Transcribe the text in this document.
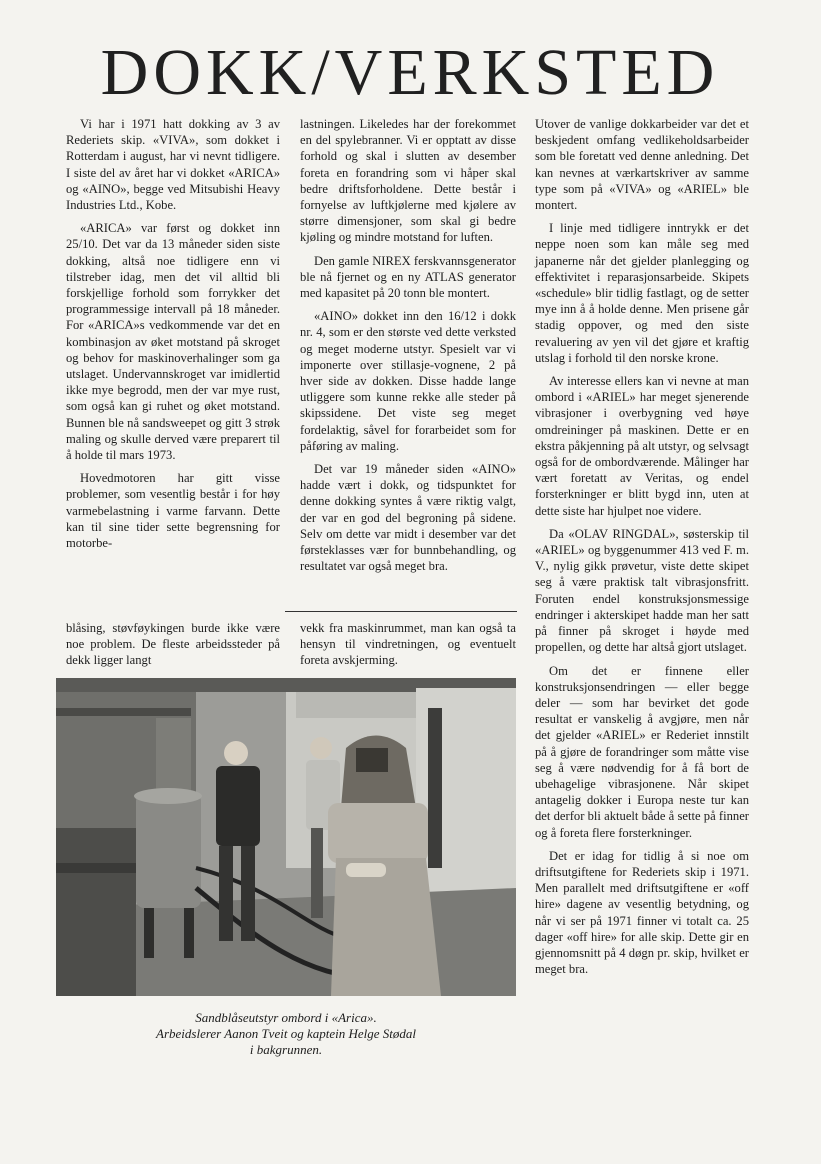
DOKK/VERKSTED

Vi har i 1971 hatt dokking av 3 av Rederiets skip. «VIVA», som dokket i Rotterdam i august, har vi nevnt tidligere. I siste del av året har vi dokket «ARICA» og «AINO», begge ved Mitsubishi Heavy Industries Ltd., Kobe.

«ARICA» var først og dokket inn 25/10. Det var da 13 måneder siden siste dokking, altså noe tidligere enn vi tilstreber idag, men det vil alltid bli forskjellige forhold som forrykker det programmessige intervall på 18 måneder. For «ARICA»s vedkommende var det en kombinasjon av øket motstand på skroget og behov for maskinoverhalinger som ga utslaget. Undervannskroget var imidlertid ikke mye begrodd, men der var mye rust, som også kan gi ruhet og øket motstand. Bunnen ble nå sandsweepet og gitt 3 strøk maling og skulle derved være preparert til å holde til mars 1973.

Hovedmotoren har gitt visse problemer, som vesentlig består i for høy varmebelastning i varme farvann. Dette kan til sine tider sette begrensning for motorbe-

lastningen. Likeledes har der forekommet en del spylebranner. Vi er opptatt av disse forhold og skal i slutten av desember foreta en forandring som vi håper skal bedre driftsforholdene. Dette består i fornyelse av luftkjølerne med kjølere av større dimensjoner, som skal gi bedre kjøling og mindre motstand for luften.

Den gamle NIREX ferskvannsgenerator ble nå fjernet og en ny ATLAS generator med kapasitet på 20 tonn ble montert.

«AINO» dokket inn den 16/12 i dokk nr. 4, som er den største ved dette verksted og meget moderne utstyr. Spesielt var vi imponerte over stillasje-vognene, 2 på hver side av dokken. Disse hadde lange utliggere som kunne rekke alle steder på skipssidene. Det viste seg meget fordelaktig, såvel for forarbeidet som for påføring av maling.

Det var 19 måneder siden «AINO» hadde vært i dokk, og tidspunktet for denne dokking syntes å være riktig valgt, der var en god del begroning på sidene. Selv om dette var midt i desember var det førsteklasses vær for bunnbehandling, og resultatet var også meget bra.

blåsing, støvføykingen burde ikke være noe problem. De fleste arbeidssteder på dekk ligger langt

vekk fra maskinrummet, man kan også ta hensyn til vindretningen, og eventuelt foreta avskjerming.

Utover de vanlige dokkarbeider var det et beskjedent omfang vedlikeholdsarbeider som ble foretatt ved denne anledning. Det kan nevnes at værkartskriver av samme type som på «VIVA» og «ARIEL» ble montert.

I linje med tidligere inntrykk er det neppe noen som kan måle seg med japanerne når det gjelder planlegging og effektivitet i reparasjonsarbeide. Skipets «schedule» blir tidlig fastlagt, og de setter mye inn å å holde denne. Men prisene går stadig oppover, og med den siste revaluering av yen vil det gjøre et kraftig utslag i forhold til den norske krone.

Av interesse ellers kan vi nevne at man ombord i «ARIEL» har meget sjenerende vibrasjoner i overbygning ved høye omdreininger på maskinen. Dette er en ekstra påkjenning på alt utstyr, og selvsagt også for de ombordværende. Målinger har vært foretatt av Veritas, og endel forsterkninger er blitt bygd inn, uten at dette siste har hjulpet noe videre.

Da «OLAV RINGDAL», søsterskip til «ARIEL» og byggenummer 413 ved F. m. V., nylig gikk prøvetur, viste dette skipet seg å være praktisk talt vibrasjonsfritt. Foruten endel konstruksjonsmessige endringer i akterskipet hadde man her satt på finner på skroget i høyde med propellen, og dette har altså gjort utslaget.

Om det er finnene eller konstruksjonsendringen — eller begge deler — som har bevirket det gode resultat er vanskelig å avgjøre, men når det gjelder «ARIEL» er Rederiet innstilt på å gjøre de forandringer som måtte vise seg å være nødvendig for å få bort de ubehagelige vibrasjonene. Når skipet antagelig dokker i Europa neste tur kan det derfor bli aktuelt både å sette på finner og å foreta flere forsterkninger.

Det er idag for tidlig å si noe om driftsutgiftene for Rederiets skip i 1971. Men parallelt med driftsutgiftene er «off hire» dagene av vesentlig betydning, og når vi ser på 1971 finner vi totalt ca. 25 dager «off hire» for alle skip. Dette gir en gjennomsnitt på 4 døgn pr. skip, hvilket er meget bra.

Sandblåseutstyr ombord i «Arica».
Arbeidslerer Aanon Tveit og kaptein Helge Stødal
i bakgrunnen.
